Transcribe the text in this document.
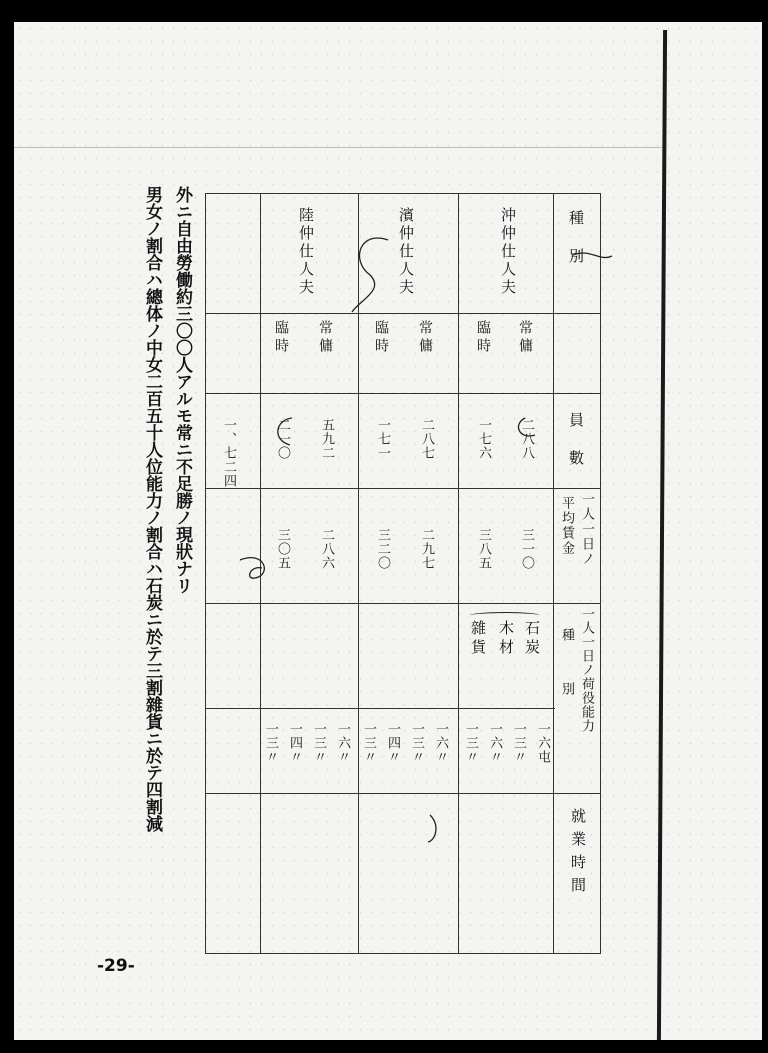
外ニ自由勞働約三〇〇人アルモ常ニ不足勝ノ現狀ナリ
男女ノ割合ハ總体ノ中女二百五十人位能力ノ割合ハ石炭ニ於テ三割雜貨ニ於テ四割減	種　別
員　數
一人一日ノ
平均賃金
一人一日ノ荷役能力
種　別
就業時間
沖仲仕人夫
常傭
臨時
二八八
一七六
三一〇
三八五
濱仲仕人夫
常傭
臨時
二八七
一七一
二九七
三二〇
陸仲仕人夫
常傭
臨時
五九二
二一〇
二八六
三〇五
一、七二四
石炭
木材
雜貨
一六屯
一三〃
一六〃
一三〃
一六〃
一三〃
一四〃
一三〃
一六〃
一三〃
一四〃
一三〃
-29-
